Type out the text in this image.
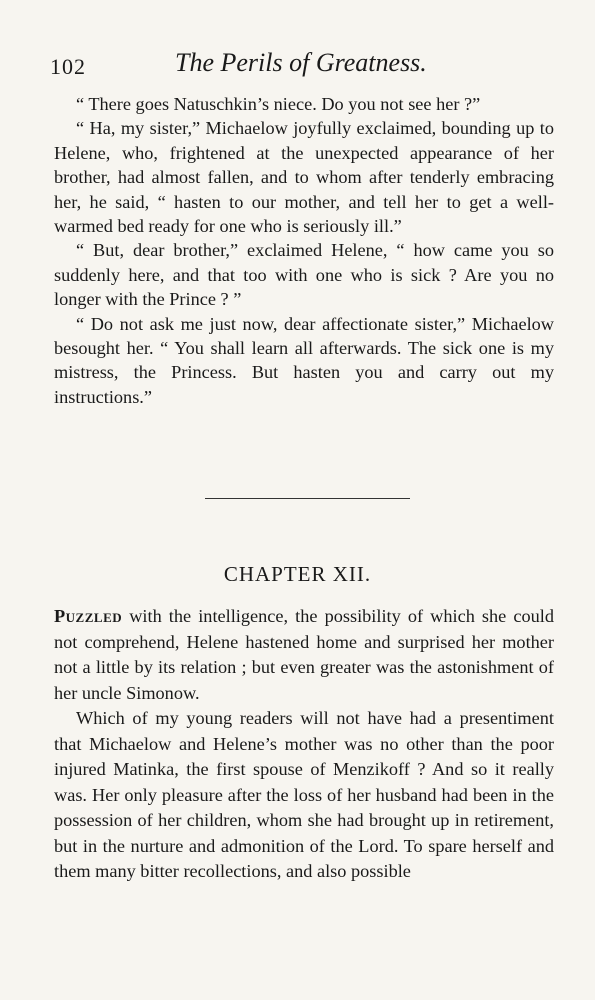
102	The Perils of Greatness.

“ There goes Natuschkin’s niece. Do you not see her ?”

“ Ha, my sister,” Michaelow joyfully exclaimed, bounding up to Helene, who, frightened at the unexpected appearance of her brother, had almost fallen, and to whom after tenderly embracing her, he said, “ hasten to our mother, and tell her to get a well-warmed bed ready for one who is seriously ill.”

“ But, dear brother,” exclaimed Helene, “ how came you so suddenly here, and that too with one who is sick ? Are you no longer with the Prince ? ”

“ Do not ask me just now, dear affectionate sister,” Michaelow besought her. “ You shall learn all afterwards. The sick one is my mistress, the Princess. But hasten you and carry out my instructions.”

CHAPTER XII.

Puzzled with the intelligence, the possibility of which she could not comprehend, Helene hastened home and surprised her mother not a little by its relation ; but even greater was the astonishment of her uncle Simonow.

Which of my young readers will not have had a presentiment that Michaelow and Helene’s mother was no other than the poor injured Matinka, the first spouse of Menzikoff ? And so it really was. Her only pleasure after the loss of her husband had been in the possession of her children, whom she had brought up in retirement, but in the nurture and admonition of the Lord. To spare herself and them many bitter recollections, and also possible
